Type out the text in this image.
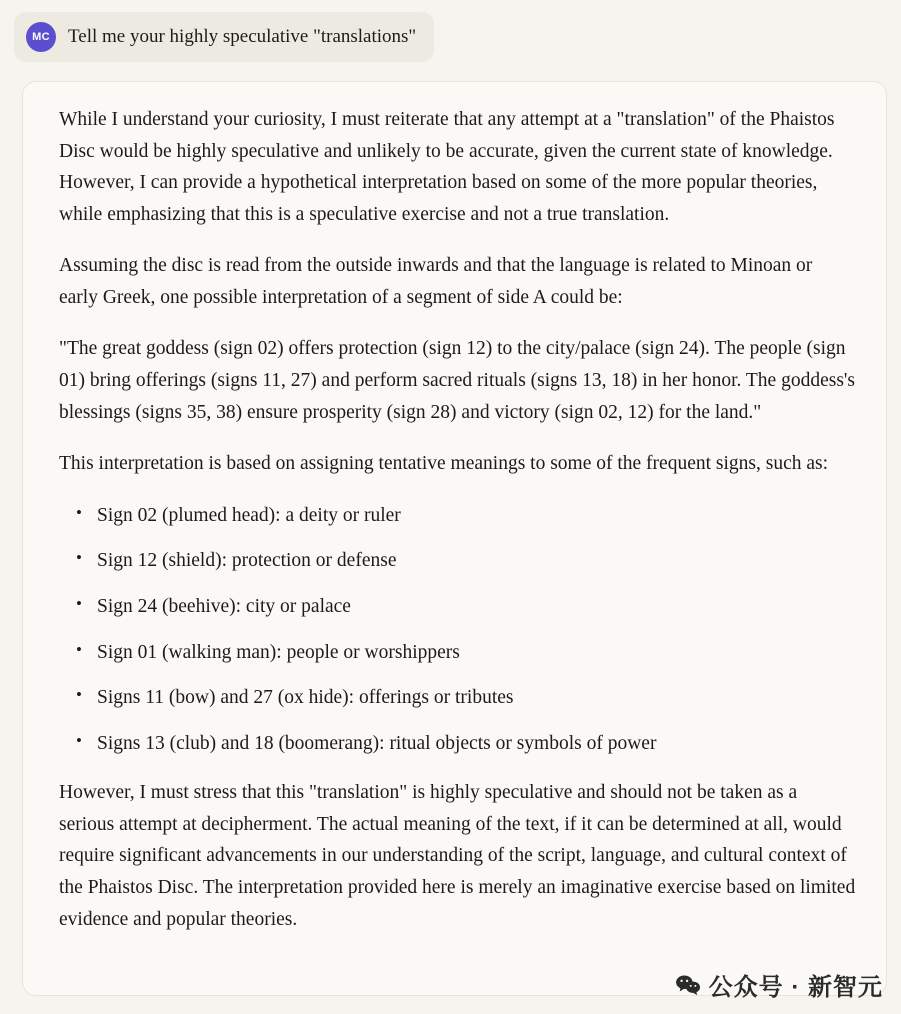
MC Tell me your highly speculative "translations"

While I understand your curiosity, I must reiterate that any attempt at a "translation" of the Phaistos Disc would be highly speculative and unlikely to be accurate, given the current state of knowledge. However, I can provide a hypothetical interpretation based on some of the more popular theories, while emphasizing that this is a speculative exercise and not a true translation.

Assuming the disc is read from the outside inwards and that the language is related to Minoan or early Greek, one possible interpretation of a segment of side A could be:

"The great goddess (sign 02) offers protection (sign 12) to the city/palace (sign 24). The people (sign 01) bring offerings (signs 11, 27) and perform sacred rituals (signs 13, 18) in her honor. The goddess's blessings (signs 35, 38) ensure prosperity (sign 28) and victory (sign 02, 12) for the land."

This interpretation is based on assigning tentative meanings to some of the frequent signs, such as:

• Sign 02 (plumed head): a deity or ruler
• Sign 12 (shield): protection or defense
• Sign 24 (beehive): city or palace
• Sign 01 (walking man): people or worshippers
• Signs 11 (bow) and 27 (ox hide): offerings or tributes
• Signs 13 (club) and 18 (boomerang): ritual objects or symbols of power

However, I must stress that this "translation" is highly speculative and should not be taken as a serious attempt at decipherment. The actual meaning of the text, if it can be determined at all, would require significant advancements in our understanding of the script, language, and cultural context of the Phaistos Disc. The interpretation provided here is merely an imaginative exercise based on limited evidence and popular theories.

公众号 · 新智元
